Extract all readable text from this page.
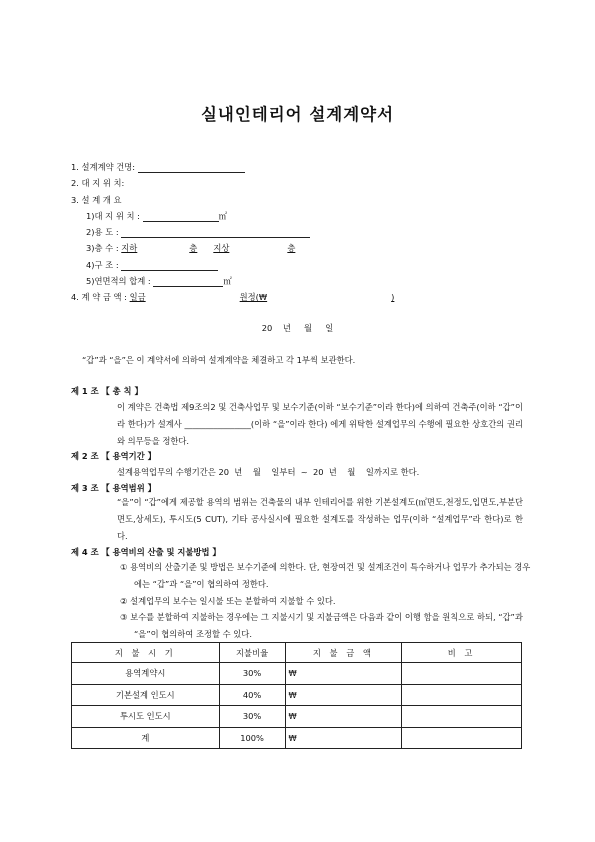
실내인테리어 설계계약서
1. 설계계약 건명:
2. 대 지 위 치:
3. 설 계 개 요
1)대 지 위 치 :	㎡
2)용 도 :
3)층 수 : 지하	층 지상	층
4)구 조 :
5)연면적의 합계 :	㎡
4. 계 약 금 액 : 일금	원정(₩	)
20    년     월     일
“갑”과 “을”은 이 계약서에 의하여 설계계약을 체결하고 각 1부씩 보관한다.
제 1 조 【 총 칙 】
이 계약은 건축법 제9조의2 및 건축사업무 및 보수기준(이하 “보수기준”이라 한다)에 의하여 건축주(이하 “갑”이라 한다)가 설계사 ________________(이하 “을”이라 한다) 에게 위탁한 설계업무의 수행에 필요한 상호간의 권리와 의무등을 정한다.
제 2 조 【 용역기간 】
설계용역업무의 수행기간은 20  년    월    일부터  ~  20  년    월    일까지로 한다.
제 3 조 【 용역범위 】
“을”이 “갑”에게 제공할 용역의 범위는 건축물의 내부 인테리어를 위한 기본설계도(㎡면도,천정도,입면도,부분단면도,상세도), 투시도(5 CUT), 기타 공사실시에 필요한 설계도를 작성하는 업무(이하 “설계업무”라 한다)로 한다.
제 4 조 【 용역비의 산출 및 지불방법 】
① 용역비의 산출기준 및 방법은 보수기준에 의한다. 단, 현장여건 및 설계조건이 특수하거나 업무가 추가되는 경우에는 “갑”과 “을”이 협의하여 정한다.
② 설계업무의 보수는 일시불 또는 분할하여 지불할 수 있다.
③ 보수를 분할하여 지불하는 경우에는 그 지불시기 및 지불금액은 다음과 같이 이행 함을 원칙으로 하되, “갑”과 “을”이 협의하여 조정할 수 있다.
지 불 시 기	지불비율	지 불 금 액	비 고
용역계약시	30%	₩	
기본설계 인도시	40%	₩	
투시도 인도시	30%	₩	
계	100%	₩	
